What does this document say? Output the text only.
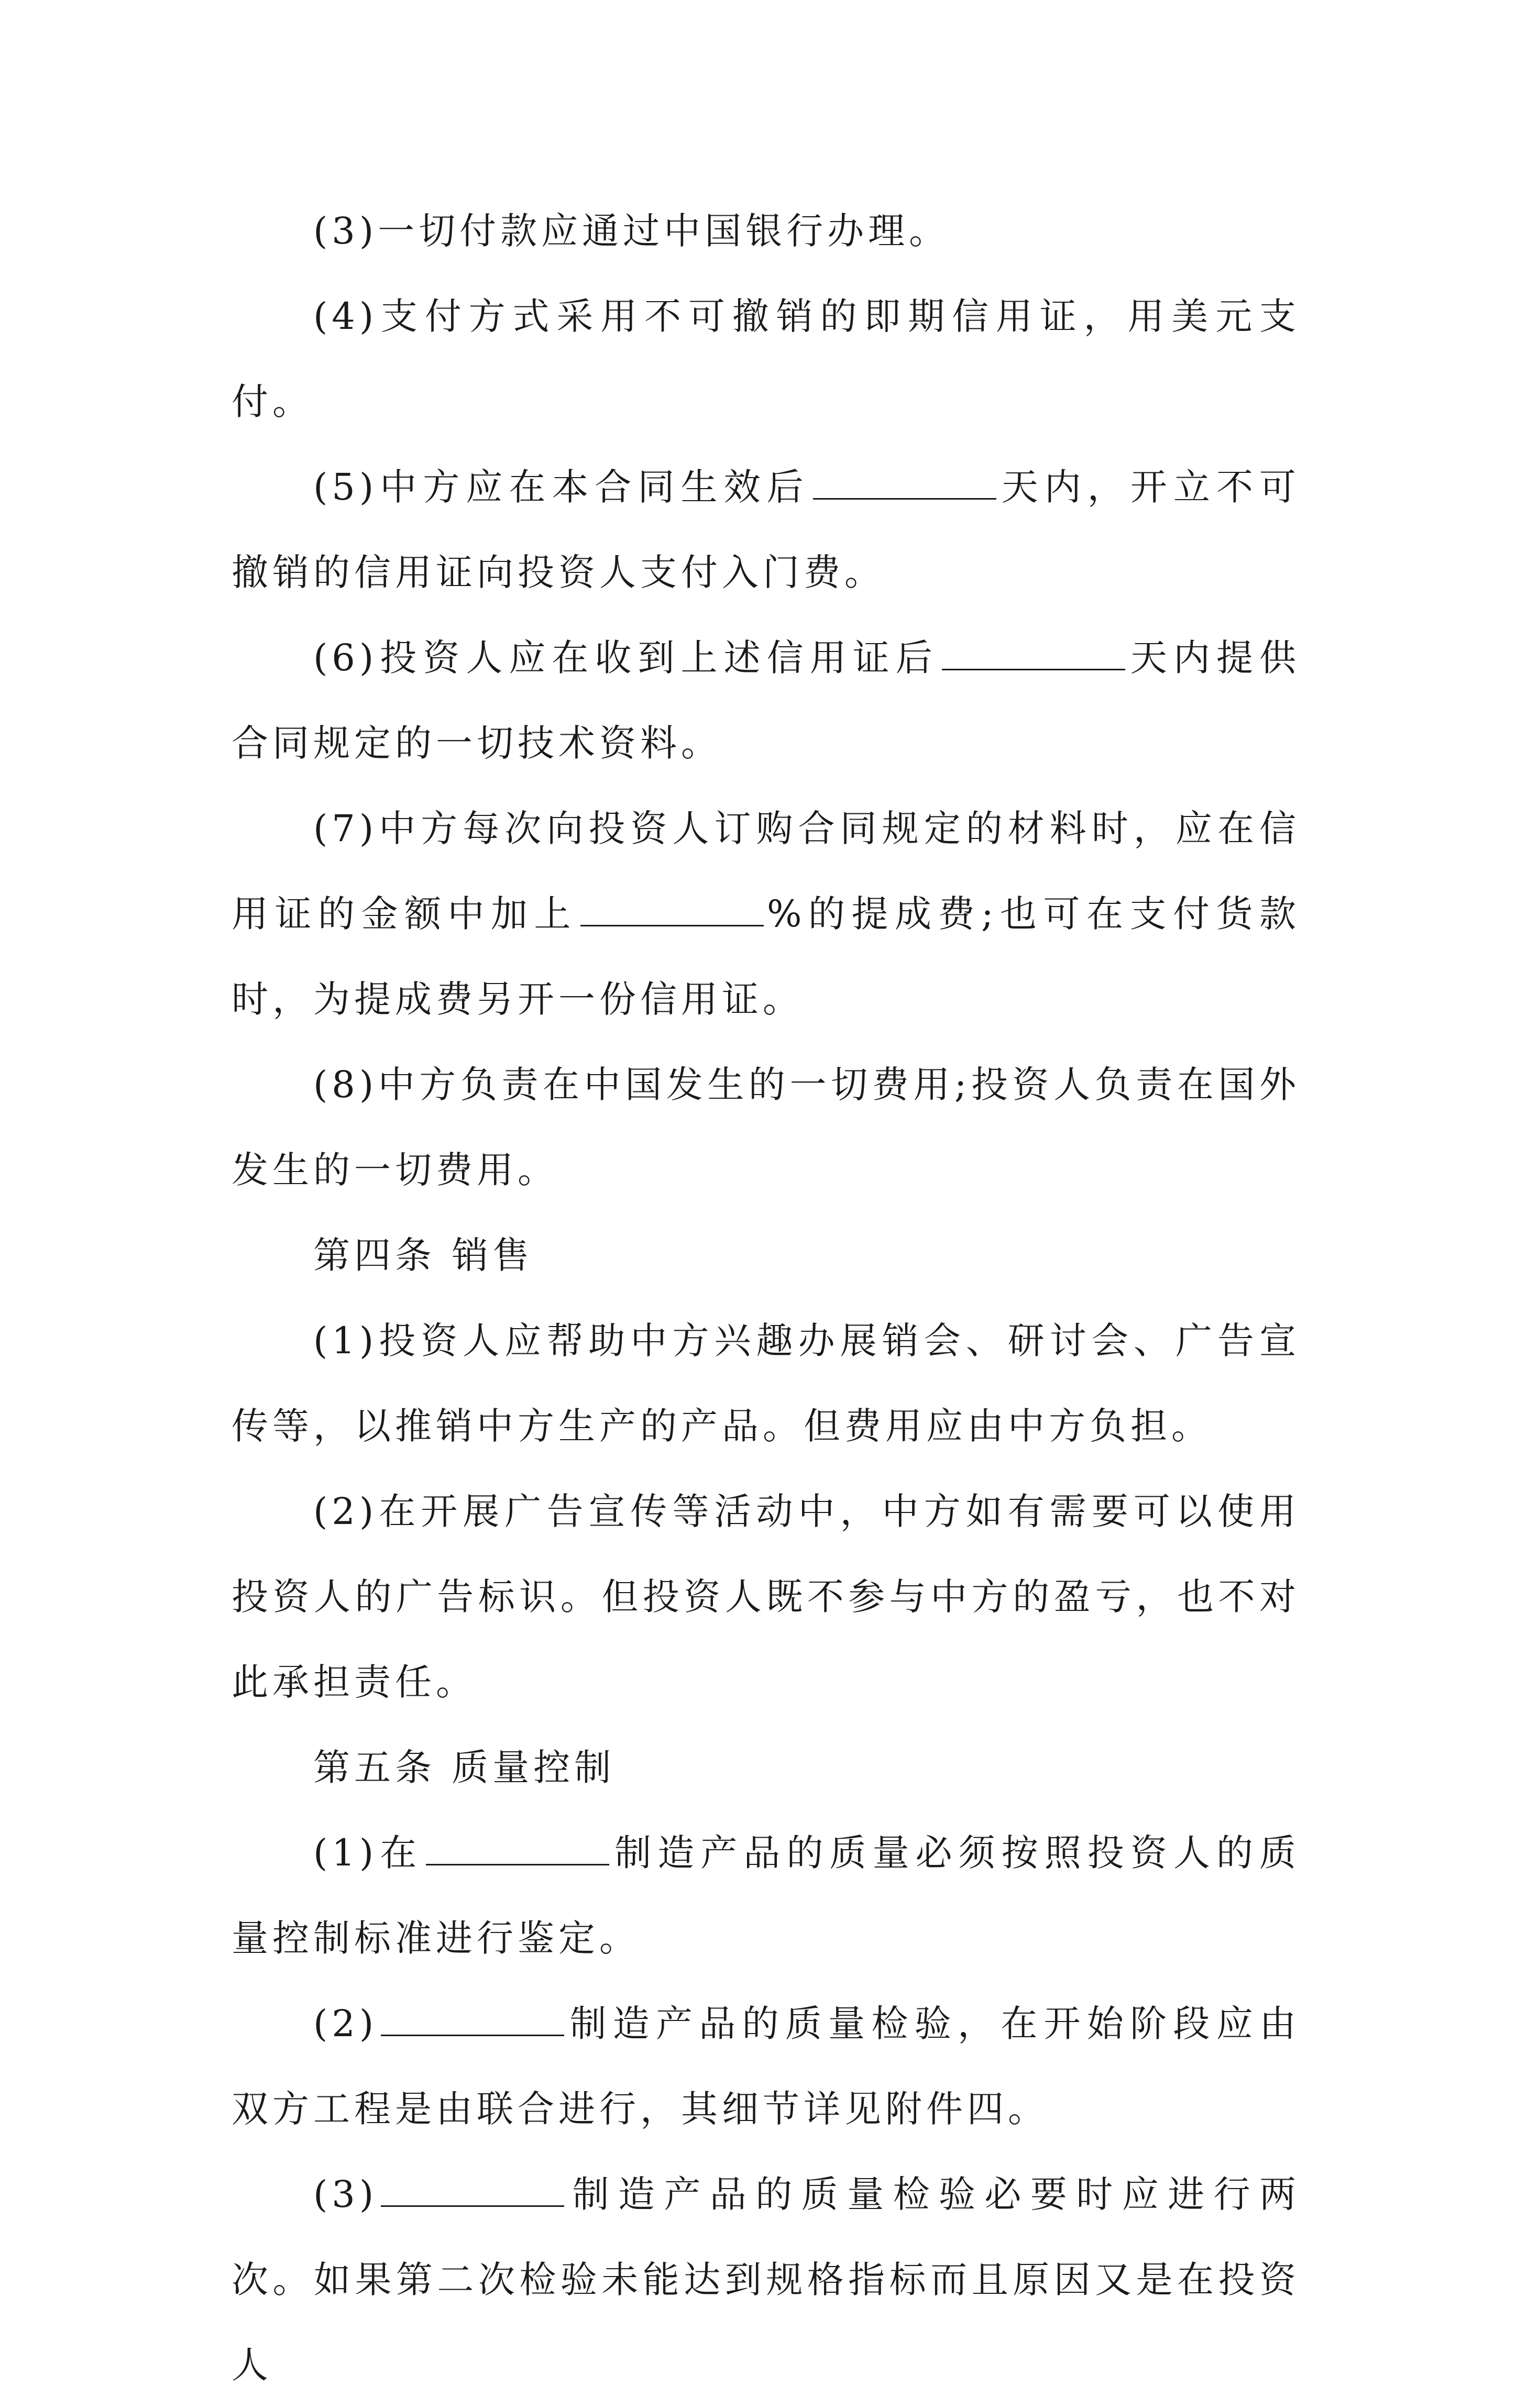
(3)一切付款应通过中国银行办理。

(4)支付方式采用不可撤销的即期信用证，用美元支付。

(5)中方应在本合同生效后	天内，开立不可撤销的信用证向投资人支付入门费。

(6)投资人应在收到上述信用证后	天内提供合同规定的一切技术资料。

(7)中方每次向投资人订购合同规定的材料时，应在信用证的金额中加上	%的提成费;也可在支付货款时，为提成费另开一份信用证。

(8)中方负责在中国发生的一切费用;投资人负责在国外发生的一切费用。

第四条 销售

(1)投资人应帮助中方兴趣办展销会、研讨会、广告宣传等，以推销中方生产的产品。但费用应由中方负担。

(2)在开展广告宣传等活动中，中方如有需要可以使用投资人的广告标识。但投资人既不参与中方的盈亏，也不对此承担责任。

第五条 质量控制

(1)在	制造产品的质量必须按照投资人的质量控制标准进行鉴定。

(2)	制造产品的质量检验，在开始阶段应由双方工程是由联合进行，其细节详见附件四。

(3)	制造产品的质量检验必要时应进行两次。如果第二次检验未能达到规格指标而且原因又是在投资人
